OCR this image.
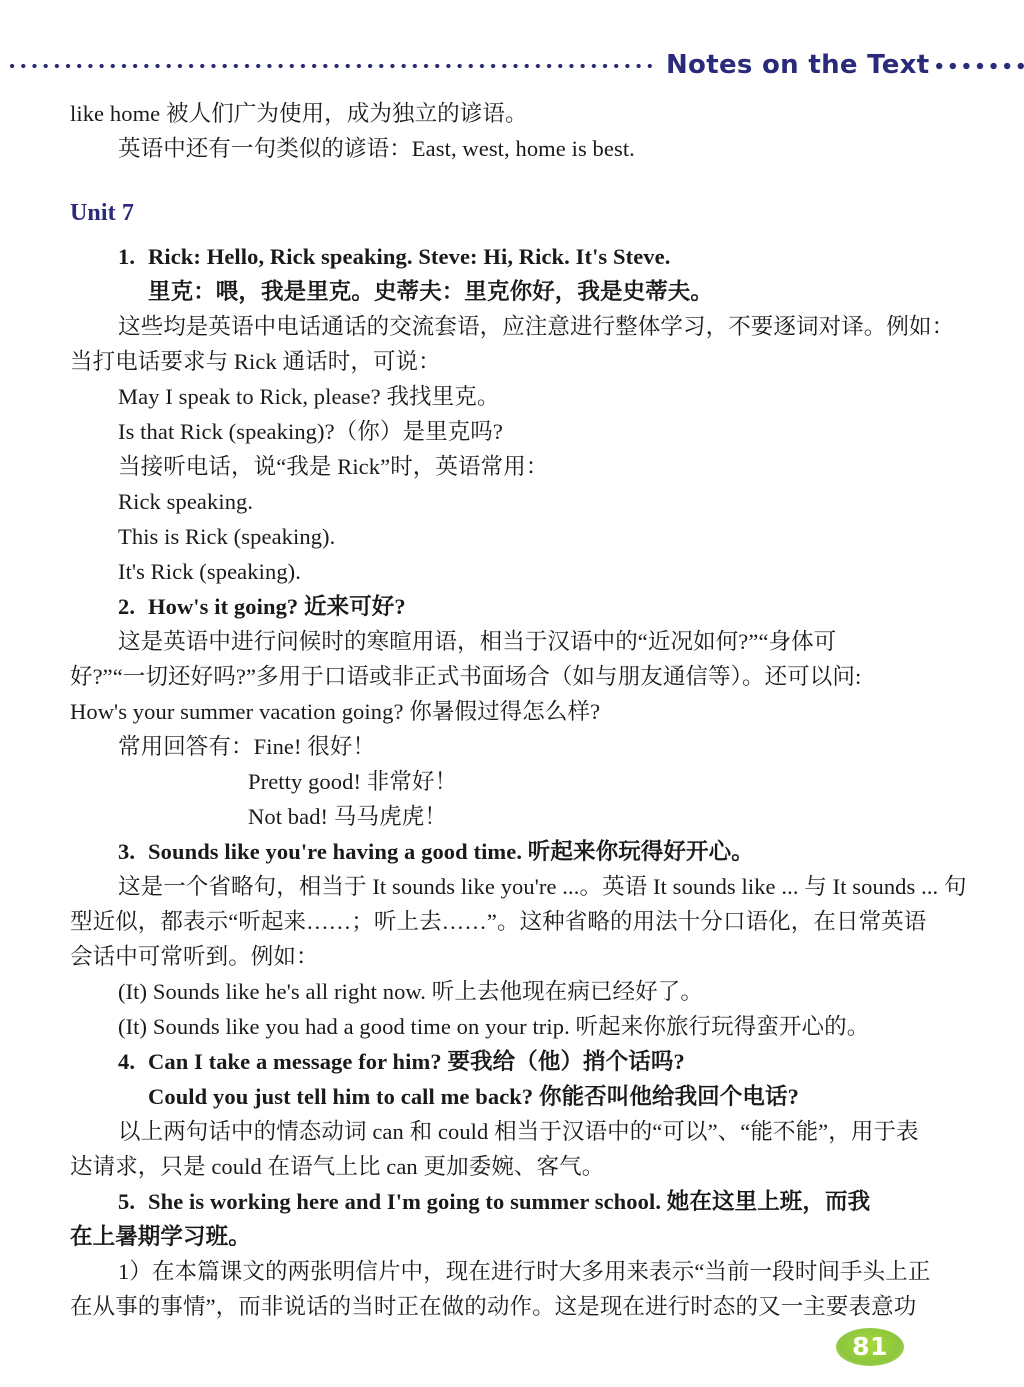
Notes on the Text

like home 被人们广为使用，成为独立的谚语。

英语中还有一句类似的谚语：East, west, home is best.

Unit 7

1. Rick: Hello, Rick speaking. Steve: Hi, Rick. It's Steve.

里克：喂，我是里克。史蒂夫：里克你好，我是史蒂夫。

这些均是英语中电话通话的交流套语，应注意进行整体学习，不要逐词对译。例如：

当打电话要求与 Rick 通话时，可说：

May I speak to Rick, please? 我找里克。

Is that Rick (speaking)?（你）是里克吗?

当接听电话，说“我是 Rick”时，英语常用：

Rick speaking.

This is Rick (speaking).

It's Rick (speaking).

2. How's it going? 近来可好?

这是英语中进行问候时的寒暄用语，相当于汉语中的“近况如何?”“身体可

好?”“一切还好吗?”多用于口语或非正式书面场合（如与朋友通信等）。还可以问:

How's your summer vacation going? 你暑假过得怎么样?

常用回答有：Fine! 很好！

Pretty good! 非常好！

Not bad! 马马虎虎！

3. Sounds like you're having a good time. 听起来你玩得好开心。

这是一个省略句，相当于 It sounds like you're ...。英语 It sounds like ... 与 It sounds ... 句

型近似，都表示“听起来……；听上去……”。这种省略的用法十分口语化，在日常英语

会话中可常听到。例如：

(It) Sounds like he's all right now. 听上去他现在病已经好了。

(It) Sounds like you had a good time on your trip. 听起来你旅行玩得蛮开心的。

4. Can I take a message for him? 要我给（他）捎个话吗?

Could you just tell him to call me back? 你能否叫他给我回个电话?

以上两句话中的情态动词 can 和 could 相当于汉语中的“可以”、“能不能”，用于表

达请求，只是 could 在语气上比 can 更加委婉、客气。

5. She is working here and I'm going to summer school. 她在这里上班，而我

在上暑期学习班。

1）在本篇课文的两张明信片中，现在进行时大多用来表示“当前一段时间手头上正

在从事的事情”，而非说话的当时正在做的动作。这是现在进行时态的又一主要表意功

81
